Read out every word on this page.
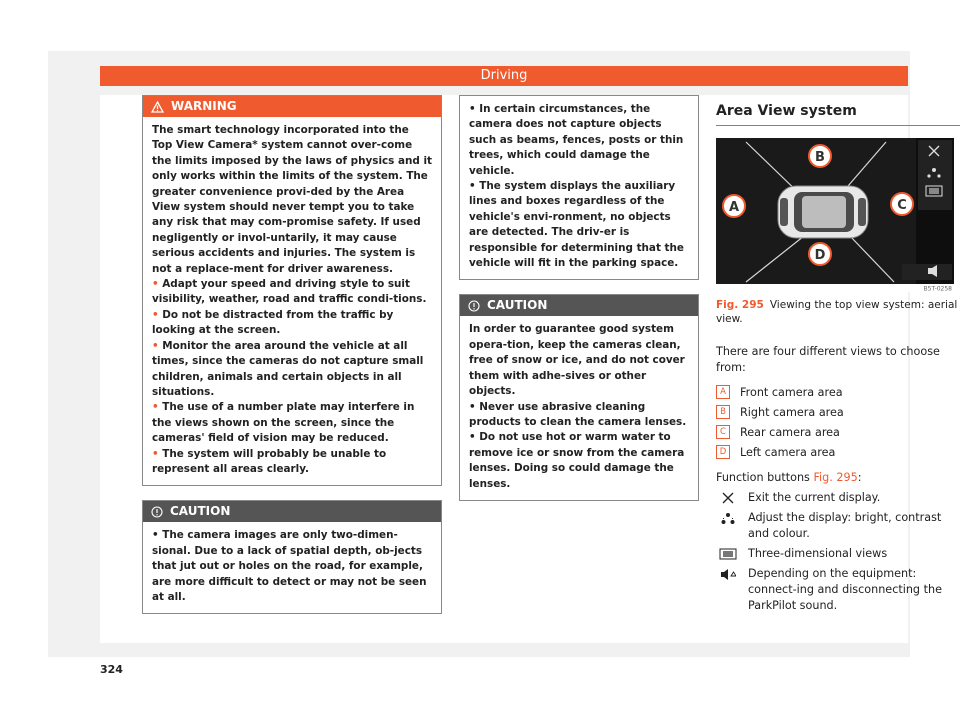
Driving
WARNING

The smart technology incorporated into the Top View Camera* system cannot over-come the limits imposed by the laws of physics and it only works within the limits of the system. The greater convenience provi-ded by the Area View system should never tempt you to take any risk that may com-promise safety. If used negligently or invol-untarily, it may cause serious accidents and injuries. The system is not a replace-ment for driver awareness.

• Adapt your speed and driving style to suit visibility, weather, road and traffic condi-tions.

• Do not be distracted from the traffic by looking at the screen.

• Monitor the area around the vehicle at all times, since the cameras do not capture small children, animals and certain objects in all situations.

• The use of a number plate may interfere in the views shown on the screen, since the cameras' field of vision may be reduced.

• The system will probably be unable to represent all areas clearly.

CAUTION

• The camera images are only two-dimen-sional. Due to a lack of spatial depth, ob-jects that jut out or holes on the road, for example, are more difficult to detect or may not be seen at all.

324

• In certain circumstances, the camera does not capture objects such as beams, fences, posts or thin trees, which could damage the vehicle.

• The system displays the auxiliary lines and boxes regardless of the vehicle's envi-ronment, no objects are detected. The driv-er is responsible for determining that the vehicle will fit in the parking space.

CAUTION

In order to guarantee good system opera-tion, keep the cameras clean, free of snow or ice, and do not cover them with adhe-sives or other objects.

• Never use abrasive cleaning products to clean the camera lenses.

• Do not use hot or warm water to remove ice or snow from the camera lenses. Doing so could damage the lenses.

Area View system
B
A	C
D
B5T-0258
Fig. 295 Viewing the top view system: aerial view.
There are four different views to choose from:
A	Front camera area
B	Right camera area
C	Rear camera area
D	Left camera area
Function buttons Fig. 295:
Exit the current display.
Adjust the display: bright, contrast and colour.
Three-dimensional views
Depending on the equipment: connect-ing and disconnecting the ParkPilot sound.
